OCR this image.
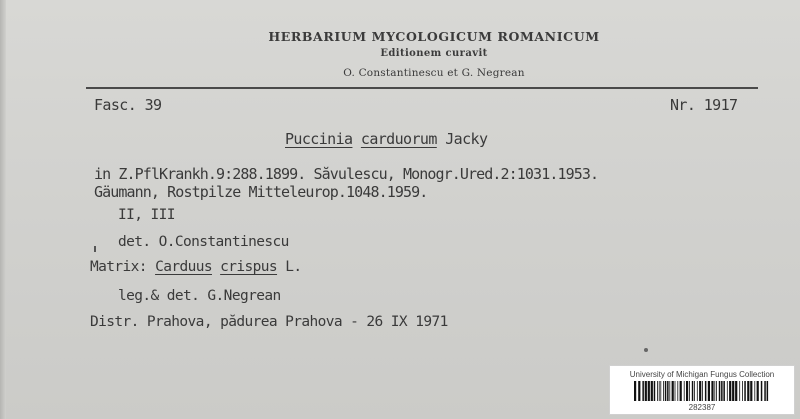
HERBARIUM MYCOLOGICUM ROMANICUM
Editionem curavit
O. Constantinescu et G. Negrean
Fasc. 39	Nr. 1917
Puccinia carduorum Jacky
in Z.PflKrankh.9:288.1899. Săvulescu, Monogr.Ured.2:1031.1953.
Gäumann, Rostpilze Mitteleurop.1048.1959.
II, III
det. O.Constantinescu
Matrix: Carduus crispus L.
leg.& det. G.Negrean
Distr. Prahova, pădurea Prahova - 26 IX 1971
University of Michigan Fungus Collection
282387
